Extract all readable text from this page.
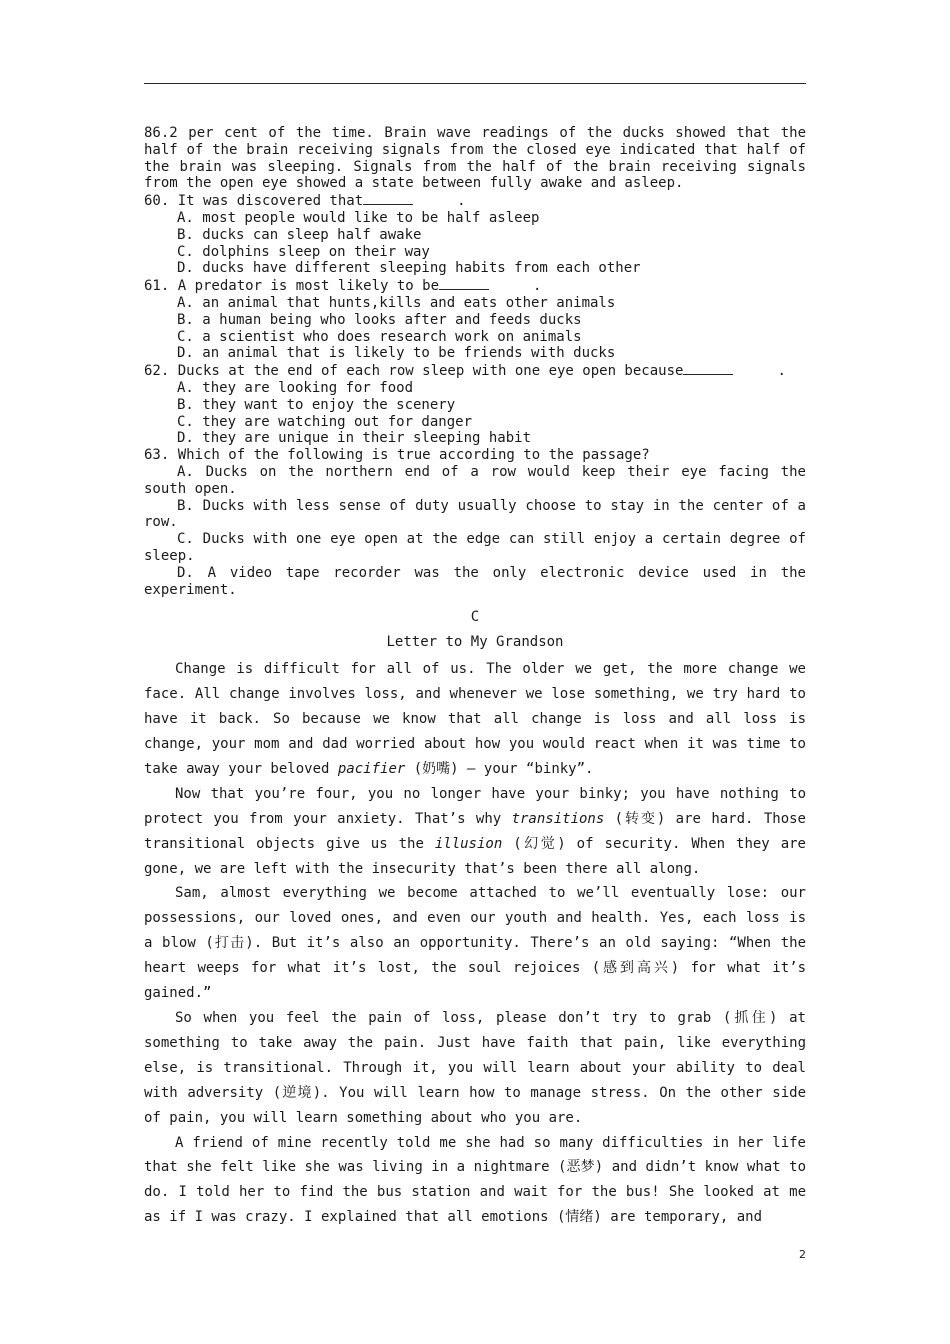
86.2 per cent of the time. Brain wave readings of the ducks showed that the half of the brain receiving signals from the closed eye indicated that half of the brain was sleeping. Signals from the half of the brain receiving signals from the open eye showed a state between fully awake and asleep.

60. It was discovered that	.

A. most people would like to be half asleep

B. ducks can sleep half awake

C. dolphins sleep on their way

D. ducks have different sleeping habits from each other

61. A predator is most likely to be	.

A. an animal that hunts,kills and eats other animals

B. a human being who looks after and feeds ducks

C. a scientist who does research work on animals

D. an animal that is likely to be friends with ducks

62. Ducks at the end of each row sleep with one eye open because	.

A. they are looking for food

B. they want to enjoy the scenery

C. they are watching out for danger

D. they are unique in their sleeping habit

63. Which of the following is true according to the passage?

A. Ducks on the northern end of a row would keep their eye facing the south open.

B. Ducks with less sense of duty usually choose to stay in the center of a row.

C. Ducks with one eye open at the edge can still enjoy a certain degree of sleep.

D. A video tape recorder was the only electronic device used in the experiment.

C
Letter to My Grandson

Change is difficult for all of us. The older we get, the more change we face. All change involves loss, and whenever we lose something, we try hard to have it back. So because we know that all change is loss and all loss is change, your mom and dad worried about how you would react when it was time to take away your beloved pacifier (奶嘴) — your “binky”.

Now that you’re four, you no longer have your binky; you have nothing to protect you from your anxiety. That’s why transitions (转变) are hard. Those transitional objects give us the illusion (幻觉) of security. When they are gone, we are left with the insecurity that’s been there all along.

Sam, almost everything we become attached to we’ll eventually lose: our possessions, our loved ones, and even our youth and health. Yes, each loss is a blow (打击). But it’s also an opportunity. There’s an old saying: “When the heart weeps for what it’s lost, the soul rejoices (感到高兴) for what it’s gained.”

So when you feel the pain of loss, please don’t try to grab (抓住) at something to take away the pain. Just have faith that pain, like everything else, is transitional. Through it, you will learn about your ability to deal with adversity (逆境). You will learn how to manage stress. On the other side of pain, you will learn something about who you are.

A friend of mine recently told me she had so many difficulties in her life that she felt like she was living in a nightmare (恶梦) and didn’t know what to do. I told her to find the bus station and wait for the bus! She looked at me as if I was crazy. I explained that all emotions (情绪) are temporary, and

2
